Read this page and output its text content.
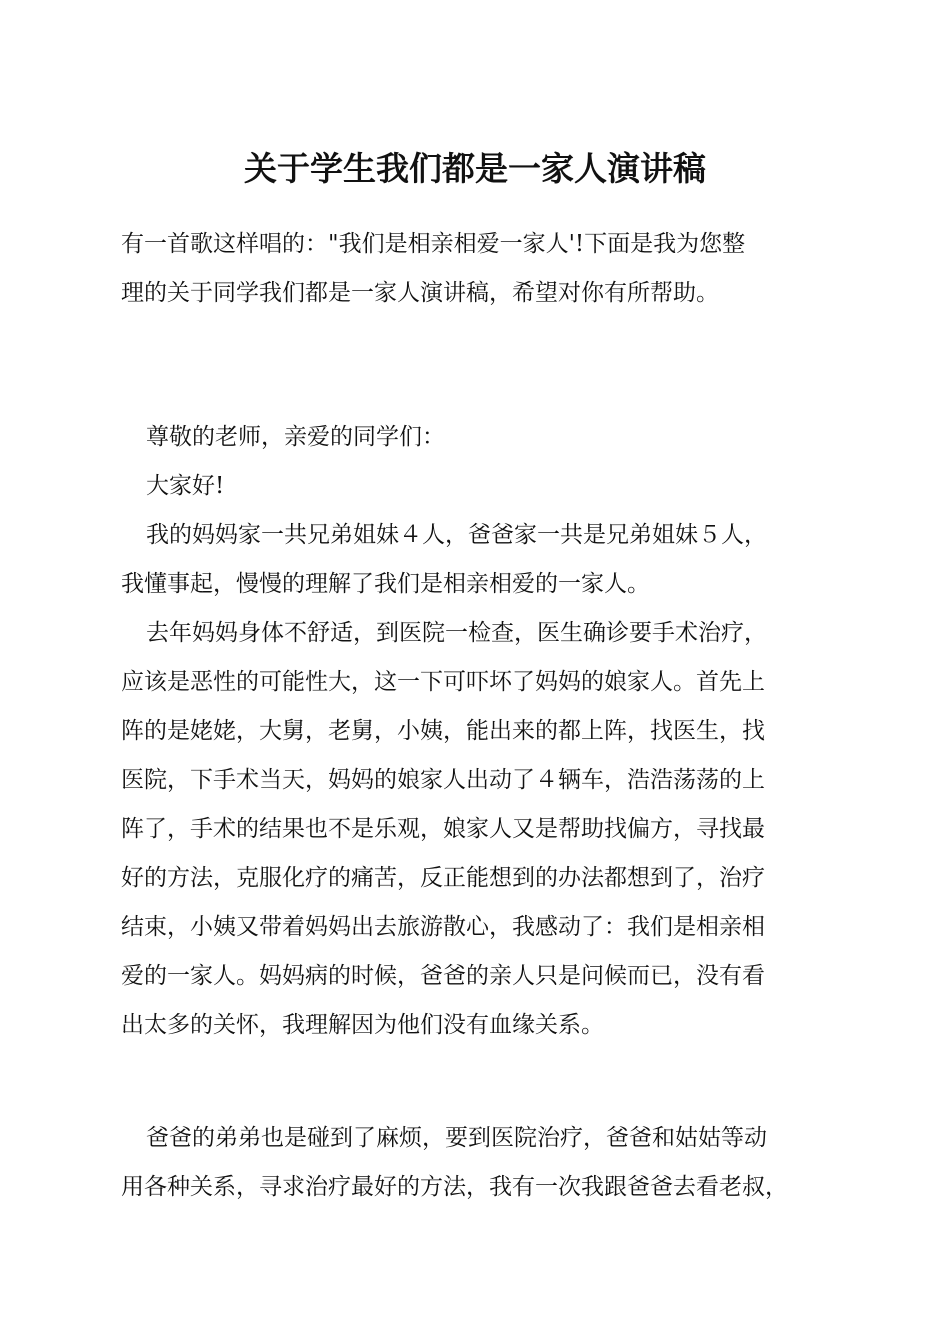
关于学生我们都是一家人演讲稿
有一首歌这样唱的："我们是相亲相爱一家人'!下面是我为您整
理的关于同学我们都是一家人演讲稿，希望对你有所帮助。
尊敬的老师，亲爱的同学们：
大家好!
我的妈妈家一共兄弟姐妹４人，爸爸家一共是兄弟姐妹５人，
我懂事起，慢慢的理解了我们是相亲相爱的一家人。
去年妈妈身体不舒适，到医院一检查，医生确诊要手术治疗，
应该是恶性的可能性大，这一下可吓坏了妈妈的娘家人。首先上
阵的是姥姥，大舅，老舅，小姨，能出来的都上阵，找医生，找
医院，下手术当天，妈妈的娘家人出动了４辆车，浩浩荡荡的上
阵了，手术的结果也不是乐观，娘家人又是帮助找偏方，寻找最
好的方法，克服化疗的痛苦，反正能想到的办法都想到了，治疗
结束，小姨又带着妈妈出去旅游散心，我感动了：我们是相亲相
爱的一家人。妈妈病的时候，爸爸的亲人只是问候而已，没有看
出太多的关怀，我理解因为他们没有血缘关系。
爸爸的弟弟也是碰到了麻烦，要到医院治疗，爸爸和姑姑等动
用各种关系，寻求治疗最好的方法，我有一次我跟爸爸去看老叔，
